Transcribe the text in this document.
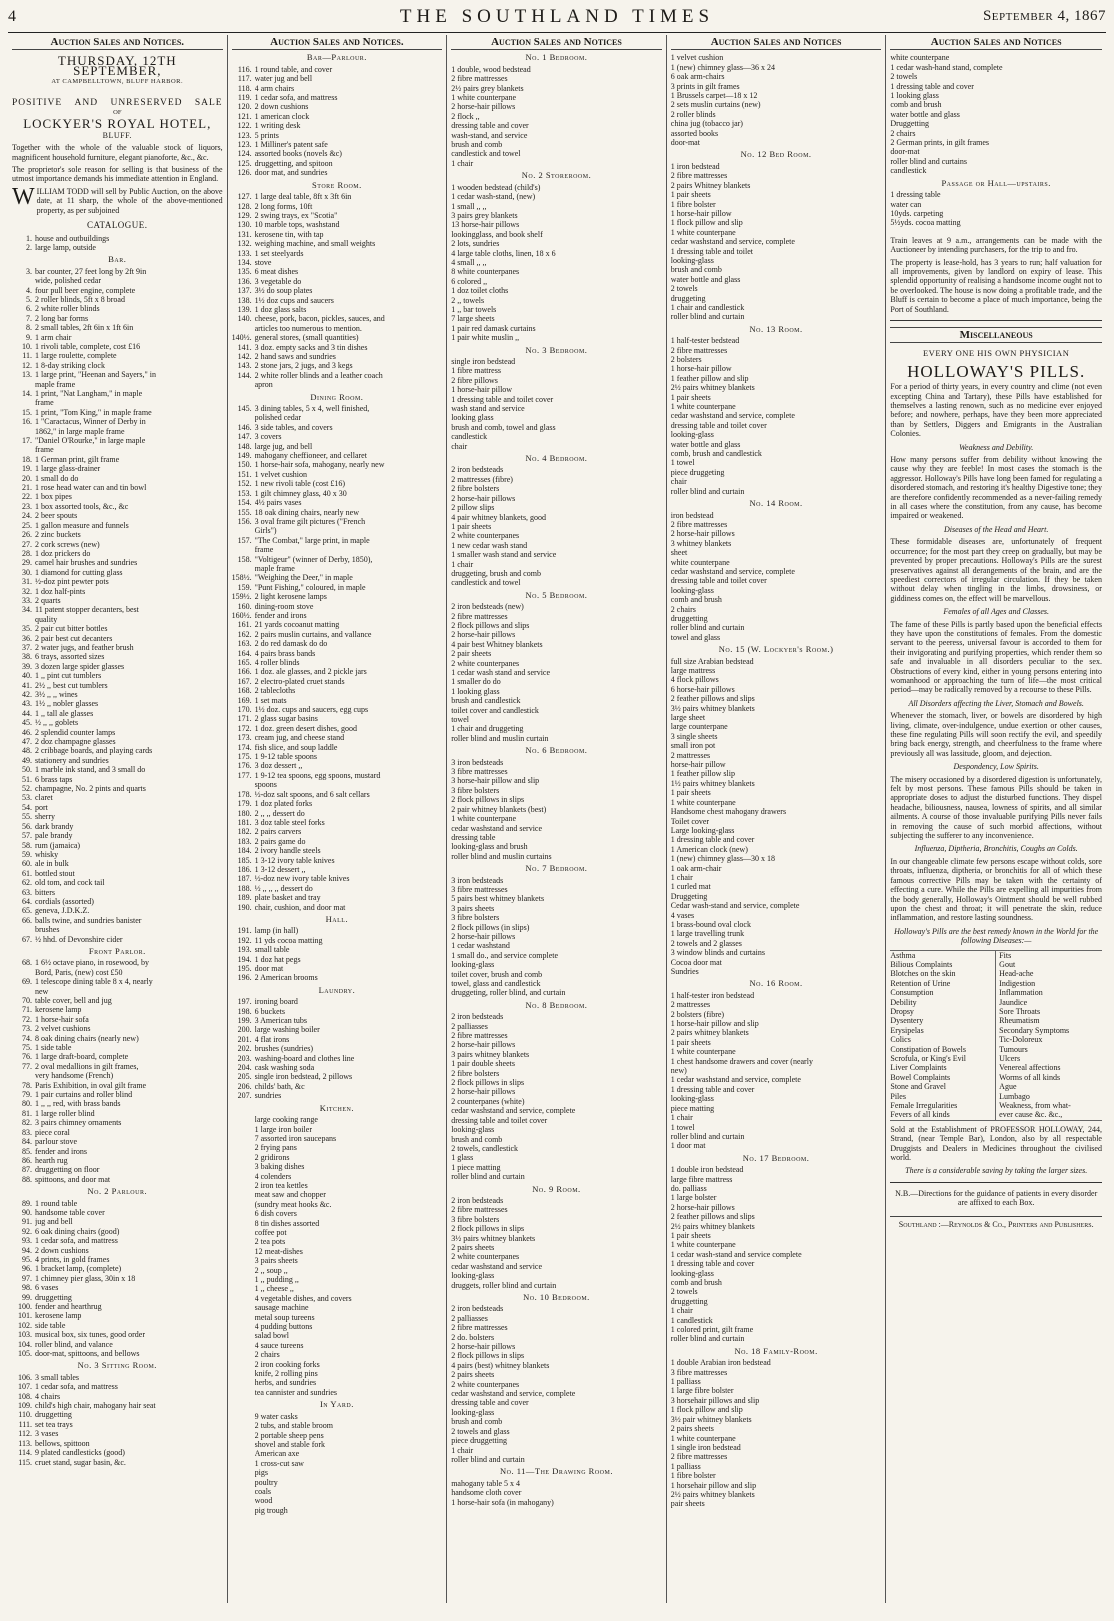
4	THE SOUTHLAND TIMES	September 4, 1867
Auction Sales and Notices.
THURSDAY, 12TH SEPTEMBER,
AT CAMPBELLTOWN, BLUFF HARBOR.
POSITIVE AND UNRESERVED SALE
OF
LOCKYER'S ROYAL HOTEL,
BLUFF.
Together with the whole of the valuable stock of liquors, magnificent household furniture, elegant pianoforte, &c., &c.
The proprietor's sole reason for selling is that business of the utmost importance demands his immediate attention in England.
WILLIAM TODD will sell by Public Auction, on the above date, at 11 sharp, the whole of the above-mentioned property, as per subjoined
CATALOGUE.
1. house and outbuildings
2. large lamp, outside
Bar.
3. bar counter, 27 feet long by 2ft 9in
wide, polished cedar
4. four pull beer engine, complete
5. 2 roller blinds, 5ft x 8 broad
6. 2 white roller blinds
7. 2 long bar forms
8. 2 small tables, 2ft 6in x 1ft 6in
9. 1 arm chair
10. 1 rivoli table, complete, cost £16
11. 1 large roulette, complete
12. 1 8-day striking clock
13. 1 large print, "Heenan and Sayers," in
maple frame
14. 1 print, "Nat Langham," in maple
frame
15. 1 print, "Tom King," in maple frame
16. 1 "Caractacus, Winner of Derby in
1862," in large maple frame
17. "Daniel O'Rourke," in large maple
frame
18. 1 German print, gilt frame
19. 1 large glass-drainer
20. 1 small do do
21. 1 rose head water can and tin bowl
22. 1 box pipes
23. 1 box assorted tools, &c., &c
24. 2 beer spouts
25. 1 gallon measure and funnels
26. 2 zinc buckets
27. 2 cork screws (new)
28. 1 doz prickers do
29. camel hair brushes and sundries
30. 1 diamond for cutting glass
31. ½-doz pint pewter pots
32. 1 doz half-pints
33. 2 quarts
34. 11 patent stopper decanters, best
quality
35. 2 pair cut bitter bottles
36. 2 pair best cut decanters
37. 2 water jugs, and feather brush
38. 6 trays, assorted sizes
39. 3 dozen large spider glasses
40. 1 ,, pint cut tumblers
41. 2½ ,, best cut tumblers
42. 3½ ,, ,, wines
43. 1½ ,, nobler glasses
44. 1 ,, tall ale glasses
45. ½ ,, ,, goblets
46. 2 splendid counter lamps
47. 2 doz champagne glasses
48. 2 cribbage boards, and playing cards
49. stationery and sundries
50. 1 marble ink stand, and 3 small do
51. 6 brass taps
52. champagne, No. 2 pints and quarts
53. claret
54. port
55. sherry
56. dark brandy
57. pale brandy
58. rum (jamaica)
59. whisky
60. ale in bulk
61. bottled stout
62. old tom, and cock tail
63. bitters
64. cordials (assorted)
65. geneva, J.D.K.Z.
66. balls twine, and sundries banister
brushes
67. ½ hhd. of Devonshire cider
Front Parlor.
68. 1 6½ octave piano, in rosewood, by
Bord, Paris, (new) cost £50
69. 1 telescope dining table 8 x 4, nearly
new
70. table cover, bell and jug
71. kerosene lamp
72. 1 horse-hair sofa
73. 2 velvet cushions
74. 8 oak dining chairs (nearly new)
75. 1 side table
76. 1 large draft-board, complete
77. 2 oval medallions in gilt frames,
very handsome (French)
78. Paris Exhibition, in oval gilt frame
79. 1 pair curtains and roller blind
80. 1 ,, ,, red, with brass bands
81. 1 large roller blind
82. 3 pairs chimney ornaments
83. piece coral
84. parlour stove
85. fender and irons
86. hearth rug
87. druggetting on floor
88. spittoons, and door mat
No. 2 Parlour.
89. 1 round table
90. handsome table cover
91. jug and bell
92. 6 oak dining chairs (good)
93. 1 cedar sofa, and mattress
94. 2 down cushions
95. 4 prints, in gold frames
96. 1 bracket lamp, (complete)
97. 1 chimney pier glass, 30in x 18
98. 6 vases
99. druggetting
100. fender and hearthrug
101. kerosene lamp
102. side table
103. musical box, six tunes, good order
104. roller blind, and valance
105. door-mat, spittoons, and bellows
No. 3 Sitting Room.
106. 3 small tables
107. 1 cedar sofa, and mattress
108. 4 chairs
109. child's high chair, mahogany hair seat
110. druggetting
111. set tea trays
112. 3 vases
113. bellows, spittoon
114. 9 plated candlesticks (good)
115. cruet stand, sugar basin, &c.
Auction Sales and Notices.
Bar—Parlour.
116. 1 round table, and cover
117. water jug and bell
118. 4 arm chairs
119. 1 cedar sofa, and mattress
120. 2 down cushions
121. 1 american clock
122. 1 writing desk
123. 5 prints
123. 1 Milliner's patent safe
124. assorted books (novels &c)
125. druggetting, and spitoon
126. door mat, and sundries
Store Room.
127. 1 large deal table, 8ft x 3ft 6in
128. 2 long forms, 10ft
129. 2 swing trays, ex "Scotia"
130. 10 marble tops, washstand
131. kerosene tin, with tap
132. weighing machine, and small weights
133. 1 set steelyards
134. stove
135. 6 meat dishes
136. 3 vegetable do
137. 3½ do soup plates
138. 1½ doz cups and saucers
139. 1 doz glass salts
140. cheese, pork, bacon, pickles, sauces, and
articles too numerous to mention.
140½. general stores, (small quantities)
141. 3 doz. empty sacks and 3 tin dishes
142. 2 hand saws and sundries
143. 2 stone jars, 2 jugs, and 3 kegs
144. 2 white roller blinds and a leather coach
apron
Dining Room.
145. 3 dining tables, 5 x 4, well finished,
polished cedar
146. 3 side tables, and covers
147. 3 covers
148. large jug, and bell
149. mahogany cheffioneer, and cellaret
150. 1 horse-hair sofa, mahogany, nearly new
151. 1 velvet cushion
152. 1 new rivoli table (cost £16)
153. 1 gilt chimney glass, 40 x 30
154. 4½ pairs vases
155. 18 oak dining chairs, nearly new
156. 3 oval frame gilt pictures ("French
Girls")
157. "The Combat," large print, in maple
frame
158. "Voltigeur" (winner of Derby, 1850),
maple frame
158½. "Weighing the Deer," in maple
159. "Punt Fishing," coloured, in maple
159½. 2 light kerosene lamps
160. dining-room stove
160½. fender and irons
161. 21 yards cocoanut matting
162. 2 pairs muslin curtains, and vallance
163. 2 do red damask do do
164. 4 pairs brass bands
165. 4 roller blinds
166. 1 doz. ale glasses, and 2 pickle jars
167. 2 electro-plated cruet stands
168. 2 tablecloths
169. 1 set mats
170. 1½ doz. cups and saucers, egg cups
171. 2 glass sugar basins
172. 1 doz. green desert dishes, good
173. cream jug, and cheese stand
174. fish slice, and soup laddle
175. 1 9-12 table spoons
176. 3 doz dessert ,,
177. 1 9-12 tea spoons, egg spoons, mustard
spoons
178. ½-doz salt spoons, and 6 salt cellars
179. 1 doz plated forks
180. 2 ,, ,, dessert do
181. 3 doz table steel forks
182. 2 pairs carvers
183. 2 pairs game do
184. 2 ivory handle steels
185. 1 3-12 ivory table knives
186. 1 3-12 dessert ,,
187. ½-doz new ivory table knives
188. ½ ,, ,, ,, dessert do
189. plate basket and tray
190. chair, cushion, and door mat
Hall.
191. lamp (in hall)
192. 11 yds cocoa matting
193. small table
194. 1 doz hat pegs
195. door mat
196. 2 American brooms
Laundry.
197. ironing board
198. 6 buckets
199. 3 American tubs
200. large washing boiler
201. 4 flat irons
202. brushes (sundries)
203. washing-board and clothes line
204. cask washing soda
205. single iron bedstead, 2 pillows
206. childs' bath, &c
207. sundries
Kitchen.
large cooking range
1 large iron boiler
7 assorted iron saucepans
2 frying pans
2 gridirons
3 baking dishes
4 colenders
2 iron tea kettles
meat saw and chopper
(sundry meat hooks &c.
6 dish covers
8 tin dishes assorted
coffee pot
2 tea pots
12 meat-dishes
3 pairs sheets
2 ,, soup ,,
1 ,, pudding ,,
1 ,, cheese ,,
4 vegetable dishes, and covers
sausage machine
metal soup tureens
4 pudding buttons
salad bowl
4 sauce tureens
2 chairs
2 iron cooking forks
knife, 2 rolling pins
herbs, and sundries
tea cannister and sundries
In Yard.
9 water casks
2 tubs, and stable broom
2 portable sheep pens
shovel and stable fork
American axe
1 cross-cut saw
pigs
poultry
coals
wood
pig trough
Auction Sales and Notices
No. 1 Bedroom.
1 double, wood bedstead
2 fibre mattresses
2½ pairs grey blankets
1 white counterpane
2 horse-hair pillows
2 flock ,,
dressing table and cover
wash-stand, and service
brush and comb
candlestick and towel
1 chair
No. 2 Storeroom.
1 wooden bedstead (child's)
1 cedar wash-stand, (new)
1 small ,, ,,
3 pairs grey blankets
13 horse-hair pillows
lookingglass, and book shelf
2 lots, sundries
4 large table cloths, linen, 18 x 6
4 small ,, ,,
8 white counterpanes
6 colored ,,
1 doz toilet cloths
2 ,, towels
1 ,, bar towels
7 large sheets
1 pair red damask curtains
1 pair white muslin ,,
No. 3 Bedroom.
single iron bedstead
1 fibre mattress
2 fibre pillows
1 horse-hair pillow
1 dressing table and toilet cover
wash stand and service
looking glass
brush and comb, towel and glass
candlestick
chair
No. 4 Bedroom.
2 iron bedsteads
2 mattresses (fibre)
2 fibre bolsters
2 horse-hair pillows
2 pillow slips
4 pair whitney blankets, good
1 pair sheets
2 white counterpanes
1 new cedar wash stand
1 smaller wash stand and service
1 chair
druggeting, brush and comb
candlestick and towel
No. 5 Bedroom.
2 iron bedsteads (new)
2 fibre mattresses
2 flock pillows and slips
2 horse-hair pillows
4 pair best Whitney blankets
2 pair sheets
2 white counterpanes
1 cedar wash stand and service
1 smaller do do
1 looking glass
brush and candlestick
toilet cover and candlestick
towel
1 chair and druggeting
roller blind and muslin curtain
No. 6 Bedroom.
3 iron bedsteads
3 fibre mattresses
3 horse-hair pillow and slip
3 fibre bolsters
2 flock pillows in slips
2 pair whitney blankets (best)
1 white counterpane
cedar washstand and service
dressing table
looking-glass and brush
roller blind and muslin curtains
No. 7 Bedroom.
3 iron bedsteads
3 fibre mattresses
5 pairs best whitney blankets
3 pairs sheets
3 fibre bolsters
2 flock pillows (in slips)
2 horse-hair pillows
1 cedar washstand
1 small do., and service complete
looking-glass
toilet cover, brush and comb
towel, glass and candlestick
druggeting, roller blind, and curtain
No. 8 Bedroom.
2 iron bedsteads
2 palliasses
2 fibre mattresses
2 horse-hair pillows
3 pairs whitney blankets
1 pair double sheets
2 fibre bolsters
2 flock pillows in slips
2 horse-hair pillows
2 counterpanes (white)
cedar washstand and service, complete
dressing table and toilet cover
looking-glass
brush and comb
2 towels, candlestick
1 glass
1 piece matting
roller blind and curtain
No. 9 Room.
2 iron bedsteads
2 fibre mattresses
3 fibre bolsters
2 flock pillows in slips
3½ pairs whitney blankets
2 pairs sheets
2 white counterpanes
cedar washstand and service
looking-glass
druggets, roller blind and curtain
No. 10 Bedroom.
2 iron bedsteads
2 palliasses
2 fibre mattresses
2 do. bolsters
2 horse-hair pillows
2 flock pillows in slips
4 pairs (best) whitney blankets
2 pairs sheets
2 white counterpanes
cedar washstand and service, complete
dressing table and cover
looking-glass
brush and comb
2 towels and glass
piece druggetting
1 chair
roller blind and curtain
No. 11—The Drawing Room.
mahogany table 5 x 4
handsome cloth cover
1 horse-hair sofa (in mahogany)
Auction Sales and Notices
1 velvet cushion
1 (new) chimney glass—36 x 24
6 oak arm-chairs
3 prints in gilt frames
1 Brussels carpet—18 x 12
2 sets muslin curtains (new)
2 roller blinds
china jug (tobacco jar)
assorted books
door-mat
No. 12 Bed Room.
1 iron bedstead
2 fibre mattresses
2 pairs Whitney blankets
1 pair sheets
1 fibre bolster
1 horse-hair pillow
1 flock pillow and slip
1 white counterpane
cedar washstand and service, complete
1 dressing table and toilet
looking-glass
brush and comb
water bottle and glass
2 towels
druggeting
1 chair and candlestick
roller blind and curtain
No. 13 Room.
1 half-tester bedstead
2 fibre mattresses
2 bolsters
1 horse-hair pillow
1 feather pillow and slip
2½ pairs whitney blankets
1 pair sheets
1 white counterpane
cedar washstand and service, complete
dressing table and toilet cover
looking-glass
water bottle and glass
comb, brush and candlestick
1 towel
piece druggeting
chair
roller blind and curtain
No. 14 Room.
iron bedstead
2 fibre mattresses
2 horse-hair pillows
3 whitney blankets
sheet
white counterpane
cedar washstand and service, complete
dressing table and toilet cover
looking-glass
comb and brush
2 chairs
druggetting
roller blind and curtain
towel and glass
No. 15 (W. Lockyer's Room.)
full size Arabian bedstead
large mattress
4 flock pillows
6 horse-hair pillows
2 feather pillows and slips
3½ pairs whitney blankets
large sheet
large counterpane
3 single sheets
small iron pot
2 mattresses
horse-hair pillow
1 feather pillow slip
1½ pairs whitney blankets
1 pair sheets
1 white counterpane
Handsome chest mahogany drawers
Toilet cover
Large looking-glass
1 dressing table and cover
1 American clock (new)
1 (new) chimney glass—30 x 18
1 oak arm-chair
1 chair
1 curled mat
Druggeting
Cedar wash-stand and service, complete
4 vases
1 brass-bound oval clock
1 large travelling trunk
2 towels and 2 glasses
3 window blinds and curtains
Cocoa door mat
Sundries
No. 16 Room.
1 half-tester iron bedstead
2 mattresses
2 bolsters (fibre)
1 horse-hair pillow and slip
2 pairs whitney blankets
1 pair sheets
1 white counterpane
1 chest handsome drawers and cover (nearly
new)
1 cedar washstand and service, complete
1 dressing table and cover
looking-glass
piece matting
1 chair
1 towel
roller blind and curtain
1 door mat
No. 17 Bedroom.
1 double iron bedstead
large fibre mattress
do. palliass
1 large bolster
2 horse-hair pillows
2 feather pillows and slips
2½ pairs whitney blankets
1 pair sheets
1 white counterpane
1 cedar wash-stand and service complete
1 dressing table and cover
looking-glass
comb and brush
2 towels
druggetting
1 chair
1 candlestick
1 colored print, gilt frame
roller blind and curtain
No. 18 Family-Room.
1 double Arabian iron bedstead
3 fibre mattresses
1 palliass
1 large fibre bolster
3 horsehair pillows and slip
1 flock pillow and slip
3½ pair whitney blankets
2 pairs sheets
1 white counterpane
1 single iron bedstead
2 fibre mattresses
1 palliass
1 fibre bolster
1 horsehair pillow and slip
2½ pairs whitney blankets
pair sheets
Auction Sales and Notices
white counterpane
1 cedar wash-hand stand, complete
2 towels
1 dressing table and cover
1 looking glass
comb and brush
water bottle and glass
Druggetting
2 chairs
2 German prints, in gilt frames
door-mat
roller blind and curtains
candlestick
Passage or Hall—upstairs.
1 dressing table
water can
10yds. carpeting
5½yds. cocoa matting
Train leaves at 9 a.m., arrangements can be made with the Auctioneer by intending purchasers, for the trip to and fro.
The property is lease-hold, has 3 years to run; half valuation for all improvements, given by landlord on expiry of lease. This splendid opportunity of realising a handsome income ought not to be overlooked. The house is now doing a profitable trade, and the Bluff is certain to become a place of much importance, being the Port of Southland.
Miscellaneous
EVERY ONE HIS OWN PHYSICIAN
HOLLOWAY'S PILLS.
For a period of thirty years, in every country and clime (not even excepting China and Tartary), these Pills have established for themselves a lasting renown, such as no medicine ever enjoyed before; and nowhere, perhaps, have they been more appreciated than by Settlers, Diggers and Emigrants in the Australian Colonies.
Weakness and Debility.
How many persons suffer from debility without knowing the cause why they are feeble! In most cases the stomach is the aggressor. Holloway's Pills have long been famed for regulating a disordered stomach, and restoring it's healthy Digestive tone; they are therefore confidently recommended as a never-failing remedy in all cases where the constitution, from any cause, has become impaired or weakened.
Diseases of the Head and Heart.
These formidable diseases are, unfortunately of frequent occurrence; for the most part they creep on gradually, but may be prevented by proper precautions. Holloway's Pills are the surest preservatives against all derangements of the brain, and are the speediest correctors of irregular circulation. If they be taken without delay when tingling in the limbs, drowsiness, or giddiness comes on, the effect will be marvellous.
Females of all Ages and Classes.
The fame of these Pills is partly based upon the beneficial effects they have upon the constitutions of females. From the domestic servant to the peeress, universal favour is accorded to them for their invigorating and purifying properties, which render them so safe and invaluable in all disorders peculiar to the sex. Obstructions of every kind, either in young persons entering into womanhood or approaching the turn of life—the most critical period—may be radically removed by a recourse to these Pills.
All Disorders affecting the Liver, Stomach and Bowels.
Whenever the stomach, liver, or bowels are disordered by high living, climate, over-indulgence, undue exertion or other causes, these fine regulating Pills will soon rectify the evil, and speedily bring back energy, strength, and cheerfulness to the frame where previously all was lassitude, gloom, and dejection.
Despondency, Low Spirits.
The misery occasioned by a disordered digestion is unfortunately, felt by most persons. These famous Pills should be taken in appropriate doses to adjust the disturbed functions. They dispel headache, biliousness, nausea, lowness of spirits, and all similar ailments. A course of those invaluable purifying Pills never fails in removing the cause of such morbid affections, without subjecting the sufferer to any inconvenience.
Influenza, Diptheria, Bronchitis, Coughs an Colds.
In our changeable climate few persons escape without colds, sore throats, influenza, diptheria, or bronchitis for all of which these famous corrective Pills may be taken with the certainty of effecting a cure. While the Pills are expelling all impurities from the body generally, Holloway's Ointment should be well rubbed upon the chest and throat; it will penetrate the skin, reduce inflammation, and restore lasting soundness.
Holloway's Pills are the best remedy known in the World for the following Diseases:—
Asthma
Bilious Complaints
Blotches on the skin
Retention of Urine
Consumption
Debility
Dropsy
Dysentery
Erysipelas
Colics
Constipation of Bowels
Scrofula, or King's Evil
Liver Complaints
Bowel Complaints
Stone and Gravel
Piles
Female Irregularities
Fevers of all kinds
Fits
Gout
Head-ache
Indigestion
Inflammation
Jaundice
Sore Throats
Rheumatism
Secondary Symptoms
Tic-Doloreux
Tumours
Ulcers
Venereal affections
Worms of all kinds
Ague
Lumbago
Weakness, from what-
ever cause &c. &c.,
Sold at the Establishment of PROFESSOR HOLLOWAY, 244, Strand, (near Temple Bar), London, also by all respectable Druggists and Dealers in Medicines throughout the civilised world.
There is a considerable saving by taking the larger sizes.
N.B.—Directions for the guidance of patients in every disorder are affixed to each Box.
Southland :—Reynolds & Co., Printers and Publishers.
